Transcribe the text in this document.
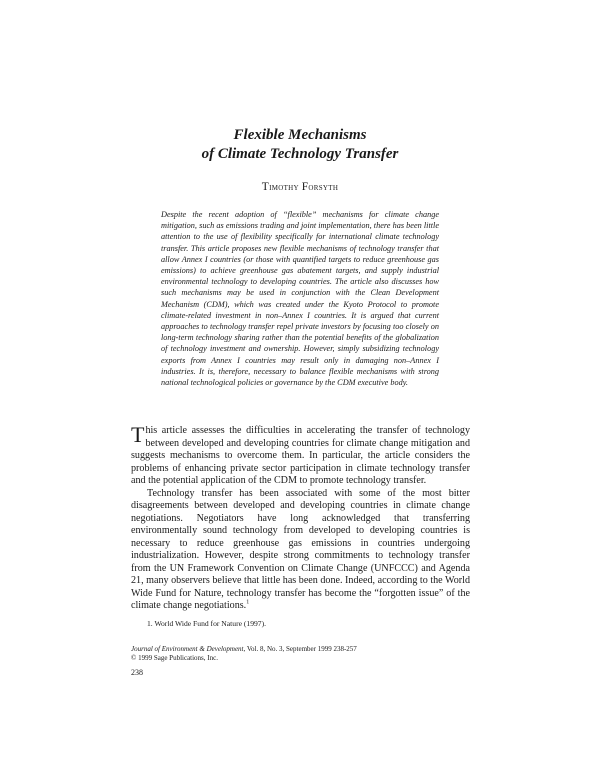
Flexible Mechanisms
of Climate Technology Transfer

Timothy Forsyth

Despite the recent adoption of “flexible” mechanisms for climate change mitigation, such as emissions trading and joint implementation, there has been little attention to the use of flexibility specifically for international climate technology transfer. This article proposes new flexible mechanisms of technology transfer that allow Annex I countries (or those with quantified targets to reduce greenhouse gas emissions) to achieve greenhouse gas abatement targets, and supply industrial environmental technology to developing countries. The article also discusses how such mechanisms may be used in conjunction with the Clean Development Mechanism (CDM), which was created under the Kyoto Protocol to promote climate-related investment in non–Annex I countries. It is argued that current approaches to technology transfer repel private investors by focusing too closely on long-term technology sharing rather than the potential benefits of the globalization of technology investment and ownership. However, simply subsidizing technology exports from Annex I countries may result only in damaging non–Annex I industries. It is, therefore, necessary to balance flexible mechanisms with strong national technological policies or governance by the CDM executive body.

This article assesses the difficulties in accelerating the transfer of technology between developed and developing countries for climate change mitigation and suggests mechanisms to overcome them. In particular, the article considers the problems of enhancing private sector participation in climate technology transfer and the potential application of the CDM to promote technology transfer.

Technology transfer has been associated with some of the most bitter disagreements between developed and developing countries in climate change negotiations. Negotiators have long acknowledged that transferring environmentally sound technology from developed to developing countries is necessary to reduce greenhouse gas emissions in countries undergoing industrialization. However, despite strong commitments to technology transfer from the UN Framework Convention on Climate Change (UNFCCC) and Agenda 21, many observers believe that little has been done. Indeed, according to the World Wide Fund for Nature, technology transfer has become the “forgotten issue” of the climate change negotiations.$^1$

1. World Wide Fund for Nature (1997).

Journal of Environment & Development, Vol. 8, No. 3, September 1999 238-257
© 1999 Sage Publications, Inc.

238
